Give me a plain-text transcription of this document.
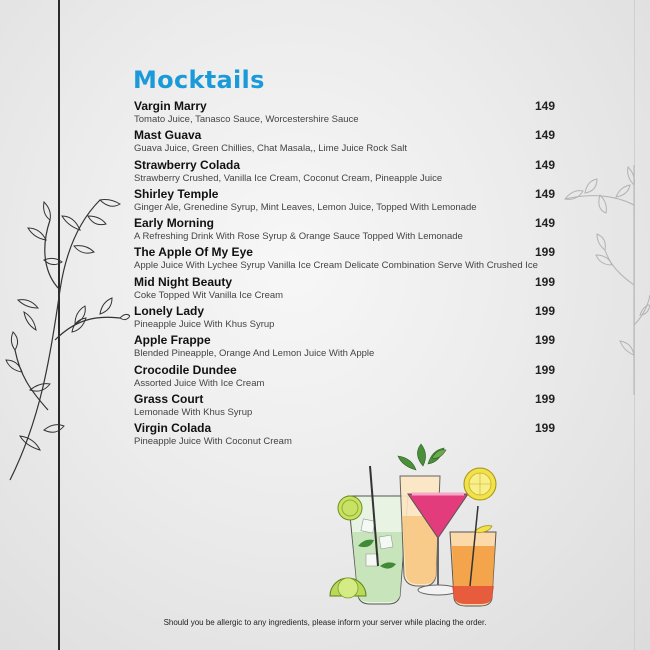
Mocktails
Vargin Marry	149
Tomato Juice, Tanasco Sauce, Worcestershire Sauce
Mast Guava	149
Guava Juice, Green Chillies, Chat Masala,, Lime Juice Rock Salt
Strawberry Colada	149
Strawberry Crushed, Vanilla Ice Cream, Coconut Cream, Pineapple Juice
Shirley Temple	149
Ginger Ale, Grenedine Syrup, Mint Leaves, Lemon Juice, Topped With Lemonade
Early Morning	149
A Refreshing Drink With Rose Syrup & Orange Sauce Topped With Lemonade
The Apple Of My Eye	199
Apple Juice With Lychee Syrup Vanilla Ice Cream Delicate Combination Serve With Crushed Ice
Mid Night Beauty	199
Coke Topped Wit Vanilla Ice Cream
Lonely Lady	199
Pineapple Juice With Khus Syrup
Apple Frappe	199
Blended Pineapple, Orange And Lemon Juice With Apple
Crocodile Dundee	199
Assorted Juice With Ice Cream
Grass Court	199
Lemonade With Khus Syrup
Virgin Colada	199
Pineapple Juice With Coconut Cream
Should you be allergic to any ingredients, please inform your server while placing the order.
